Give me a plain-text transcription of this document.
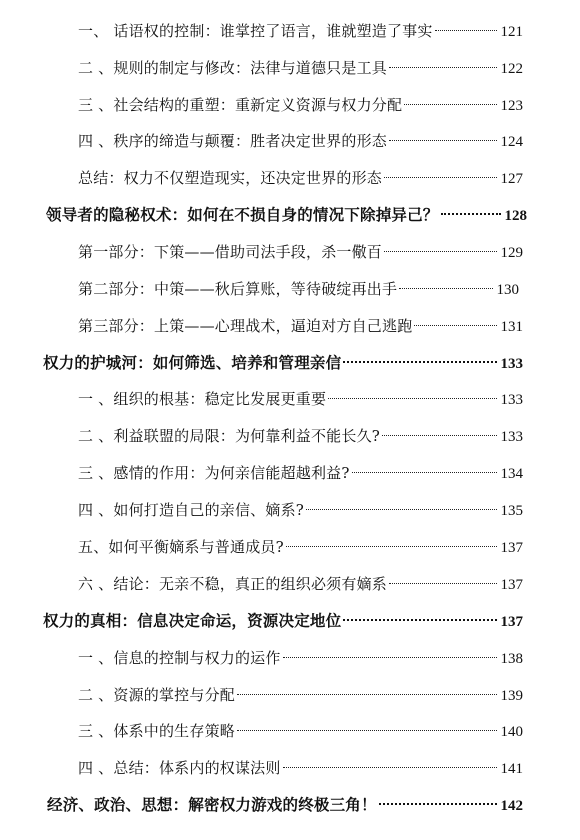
一、 话语权的控制：谁掌控了语言，谁就塑造了事实	121
二 、规则的制定与修改：法律与道德只是工具	122
三 、社会结构的重塑：重新定义资源与权力分配	123
四 、秩序的缔造与颠覆：胜者决定世界的形态	124
总结：权力不仅塑造现实，还决定世界的形态	127
领导者的隐秘权术：如何在不损自身的情况下除掉异己？	128
第一部分：下策——借助司法手段，杀一儆百	129
第二部分：中策——秋后算账，等待破绽再出手	130
第三部分：上策——心理战术，逼迫对方自己逃跑	131
权力的护城河：如何筛选、培养和管理亲信	133
一 、组织的根基：稳定比发展更重要	133
二 、利益联盟的局限：为何靠利益不能长久?	133
三 、感情的作用：为何亲信能超越利益?	134
四 、如何打造自己的亲信、嫡系?	135
五、如何平衡嫡系与普通成员?	137
六 、结论：无亲不稳，真正的组织必须有嫡系	137
权力的真相：信息决定命运，资源决定地位	137
一 、信息的控制与权力的运作	138
二 、资源的掌控与分配	139
三 、体系中的生存策略	140
四 、总结：体系内的权谋法则	141
经济、政治、思想：解密权力游戏的终极三角！	142
